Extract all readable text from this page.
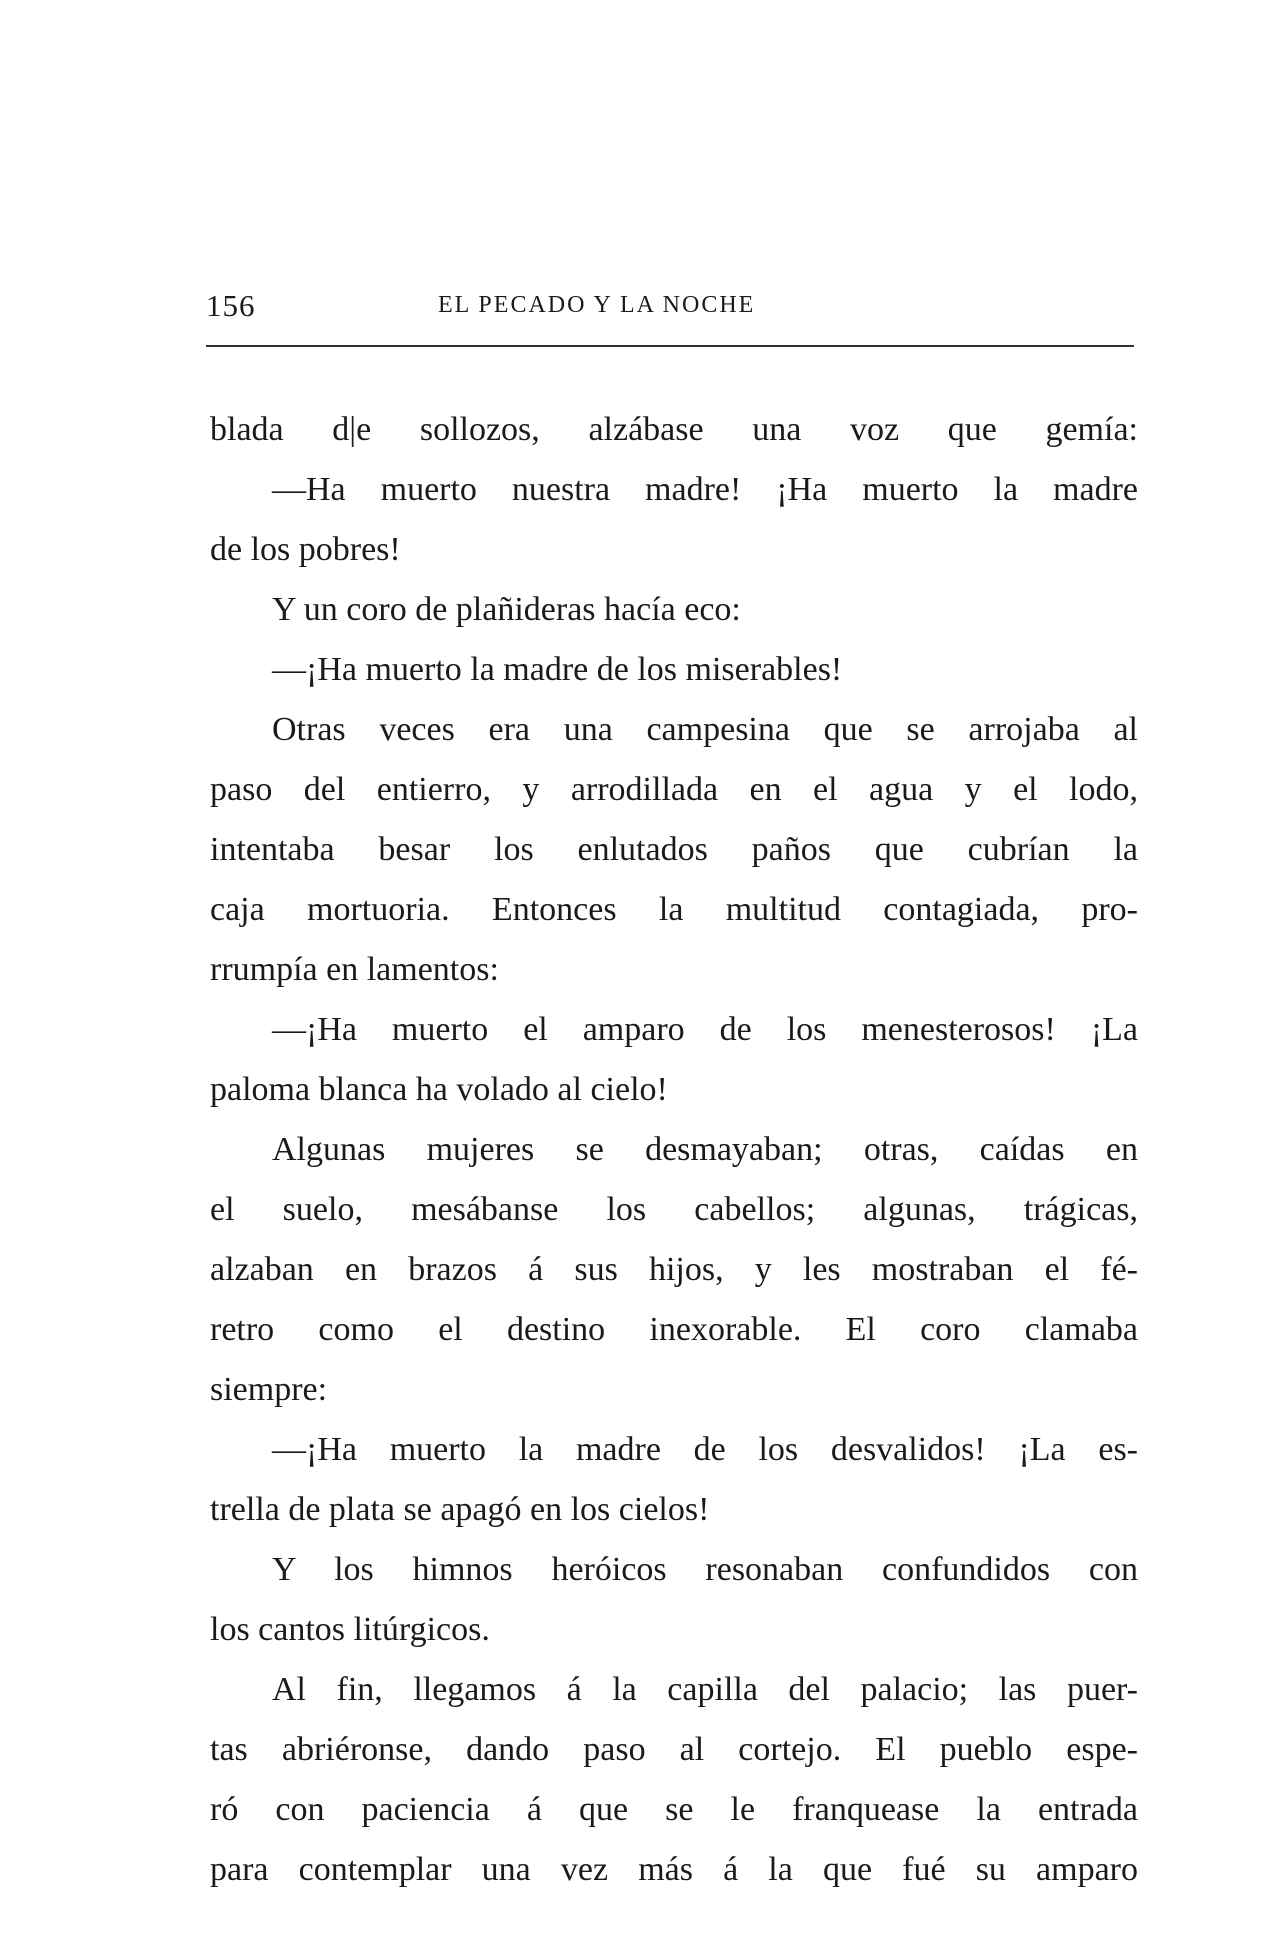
156	EL PECADO Y LA NOCHE
blada d|e sollozos, alzábase una voz que gemía:
—Ha muerto nuestra madre! ¡Ha muerto la madre
de los pobres!
Y un coro de plañideras hacía eco:
—¡Ha muerto la madre de los miserables!
Otras veces era una campesina que se arrojaba al
paso del entierro, y arrodillada en el agua y el lodo,
intentaba besar los enlutados paños que cubrían la
caja mortuoria. Entonces la multitud contagiada, pro-
rrumpía en lamentos:
—¡Ha muerto el amparo de los menesterosos! ¡La
paloma blanca ha volado al cielo!
Algunas mujeres se desmayaban; otras, caídas en
el suelo, mesábanse los cabellos; algunas, trágicas,
alzaban en brazos á sus hijos, y les mostraban el fé-
retro como el destino inexorable. El coro clamaba
siempre:
—¡Ha muerto la madre de los desvalidos! ¡La es-
trella de plata se apagó en los cielos!
Y los himnos heróicos resonaban confundidos con
los cantos litúrgicos.
Al fin, llegamos á la capilla del palacio; las puer-
tas abriéronse, dando paso al cortejo. El pueblo espe-
ró con paciencia á que se le franquease la entrada
para contemplar una vez más á la que fué su amparo
